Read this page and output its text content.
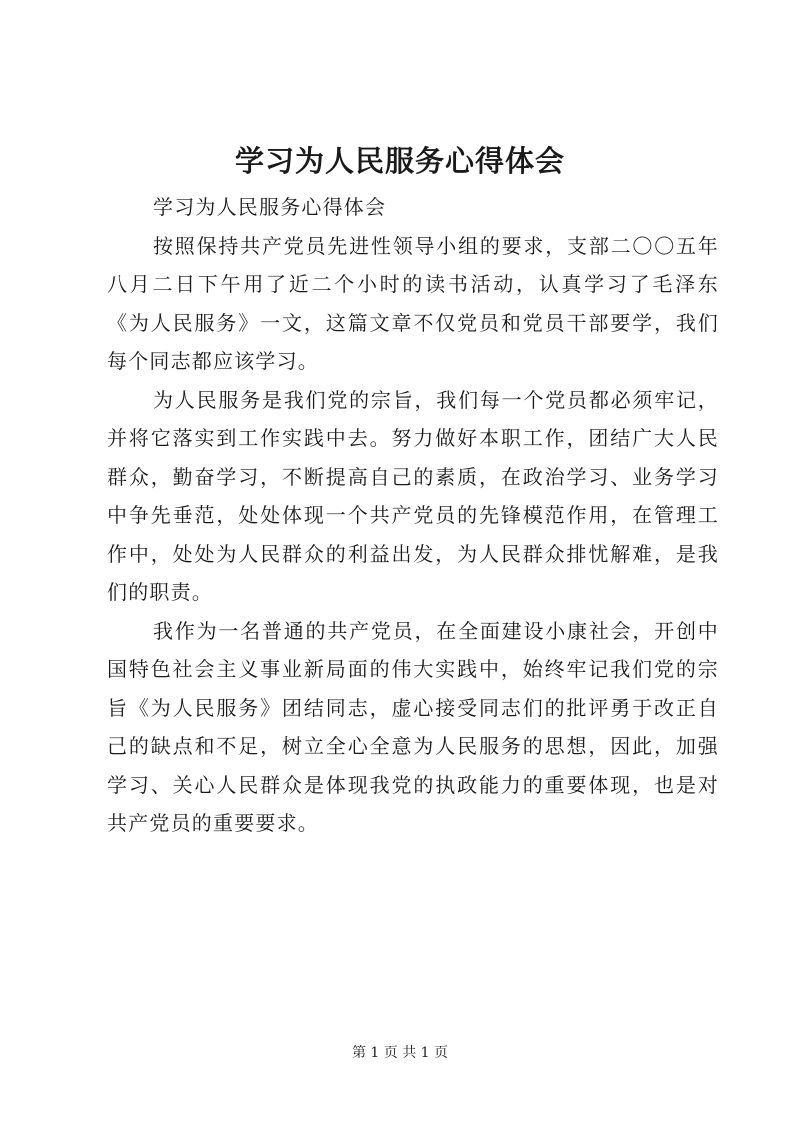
学习为人民服务心得体会

学习为人民服务心得体会

按照保持共产党员先进性领导小组的要求，支部二〇〇五年八月二日下午用了近二个小时的读书活动，认真学习了毛泽东《为人民服务》一文，这篇文章不仅党员和党员干部要学，我们每个同志都应该学习。

为人民服务是我们党的宗旨，我们每一个党员都必须牢记，并将它落实到工作实践中去。努力做好本职工作，团结广大人民群众，勤奋学习，不断提高自己的素质，在政治学习、业务学习中争先垂范，处处体现一个共产党员的先锋模范作用，在管理工作中，处处为人民群众的利益出发，为人民群众排忧解难，是我们的职责。

我作为一名普通的共产党员，在全面建设小康社会，开创中国特色社会主义事业新局面的伟大实践中，始终牢记我们党的宗旨《为人民服务》团结同志，虚心接受同志们的批评勇于改正自己的缺点和不足，树立全心全意为人民服务的思想，因此，加强学习、关心人民群众是体现我党的执政能力的重要体现，也是对共产党员的重要要求。

第 1 页 共 1 页
